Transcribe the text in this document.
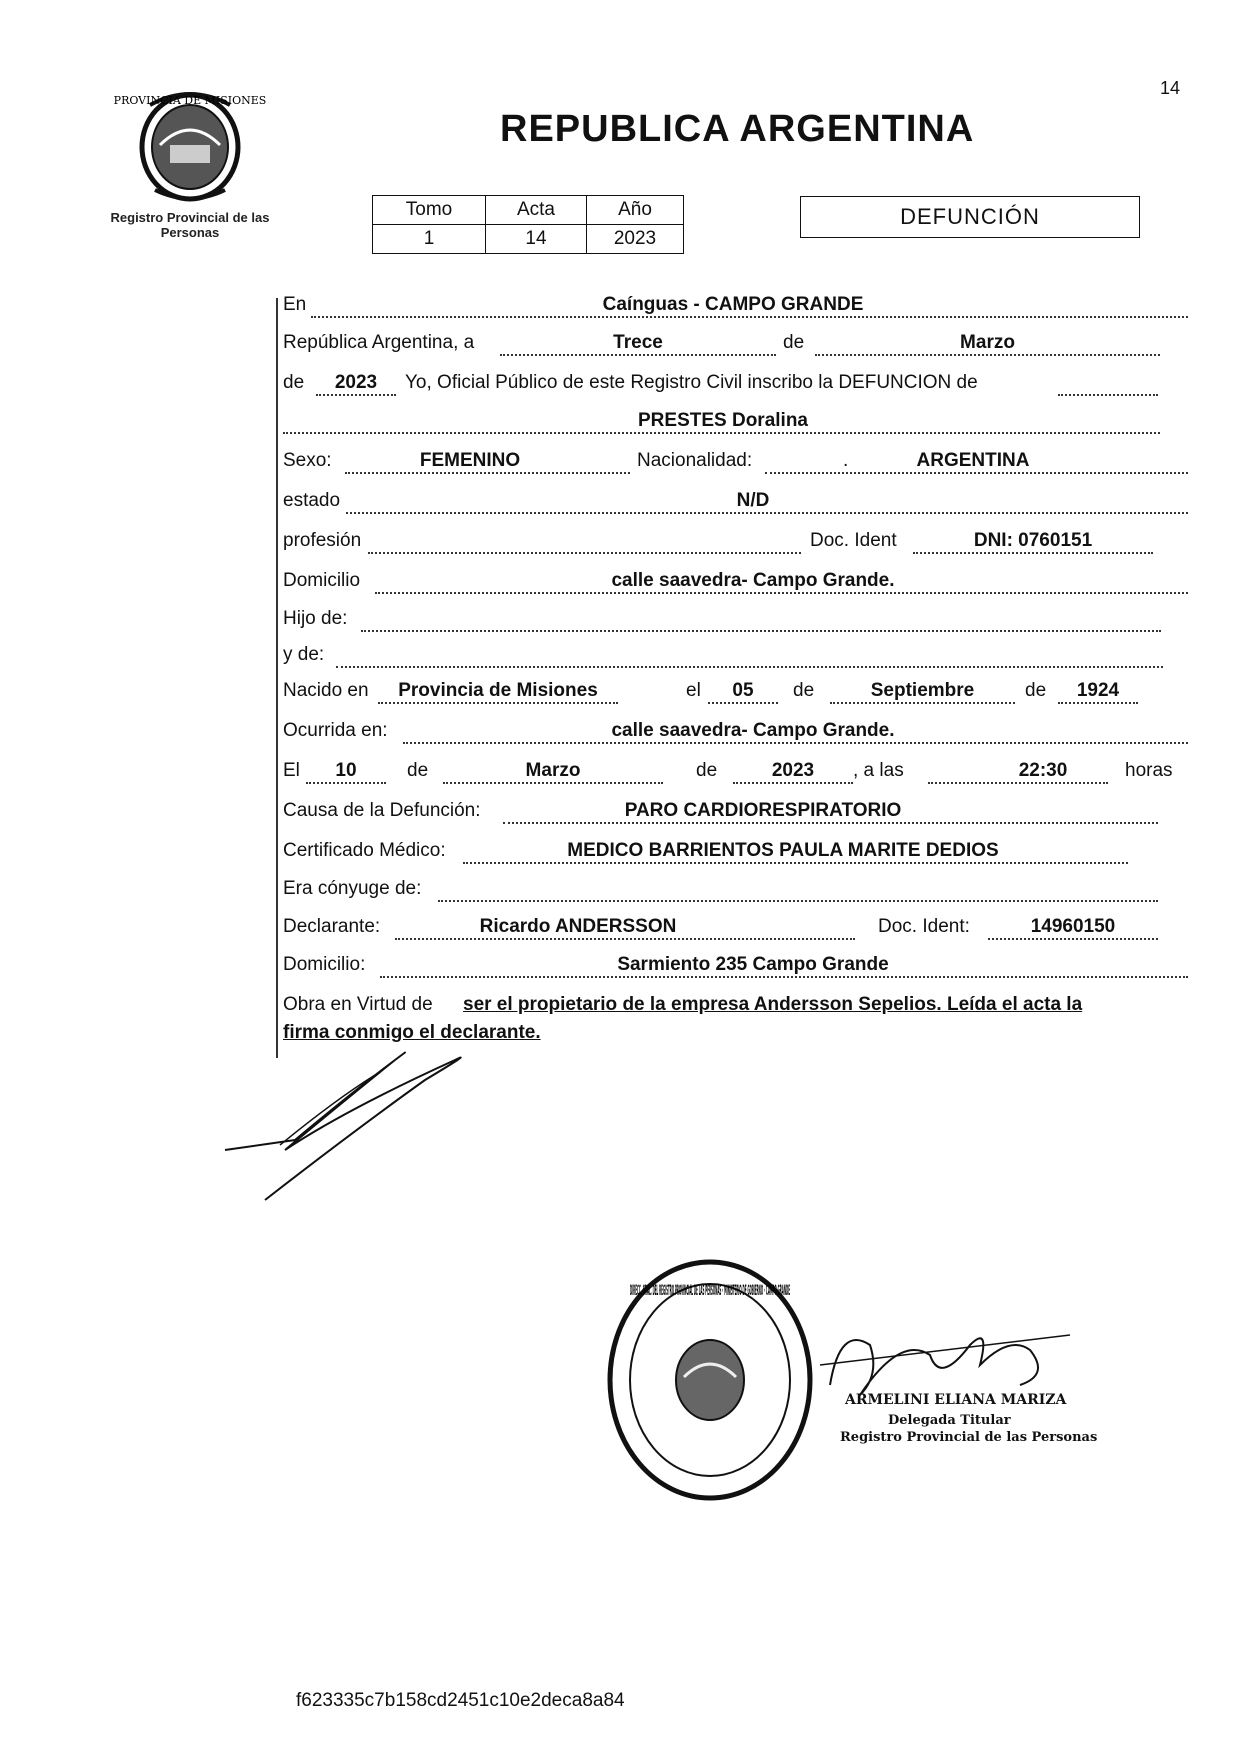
PROVINCIA DE MISIONES
Registro Provincial de las Personas
14
REPUBLICA ARGENTINA
Tomo	Acta	Año
1	14	2023
DEFUNCIÓN
En	Caínguas - CAMPO GRANDE
República Argentina, a	Trece	de	Marzo
de	2023	Yo, Oficial Público de este Registro Civil inscribo la DEFUNCION de
PRESTES Doralina
Sexo:	FEMENINO	Nacionalidad:	.	ARGENTINA
estado	N/D
profesión	Doc. Ident	DNI: 0760151
Domicilio	calle saavedra- Campo Grande.
Hijo de:
y de:
Nacido en	Provincia de Misiones	el	05	de	Septiembre	de	1924
Ocurrida en:	calle saavedra- Campo Grande.
El	10	de	Marzo	de	2023	, a las	22:30	horas
Causa de la Defunción:	PARO CARDIORESPIRATORIO
Certificado Médico:	MEDICO BARRIENTOS PAULA MARITE DEDIOS
Era cónyuge de:
Declarante:	Ricardo ANDERSSON	Doc. Ident:	14960150
Domicilio:	Sarmiento 235 Campo Grande
Obra en Virtud de ser el propietario de la empresa Andersson Sepelios. Leída el acta la
firma conmigo el declarante.
DIRECC. GRAL. DEL REGISTRO PROVINCIAL DE LAS PERSONAS · MINISTERIO DE GOBIERNO · CAMPO GRANDE
ARMELINI ELIANA MARIZA
Delegada Titular
Registro Provincial de las Personas
f623335c7b158cd2451c10e2deca8a84
